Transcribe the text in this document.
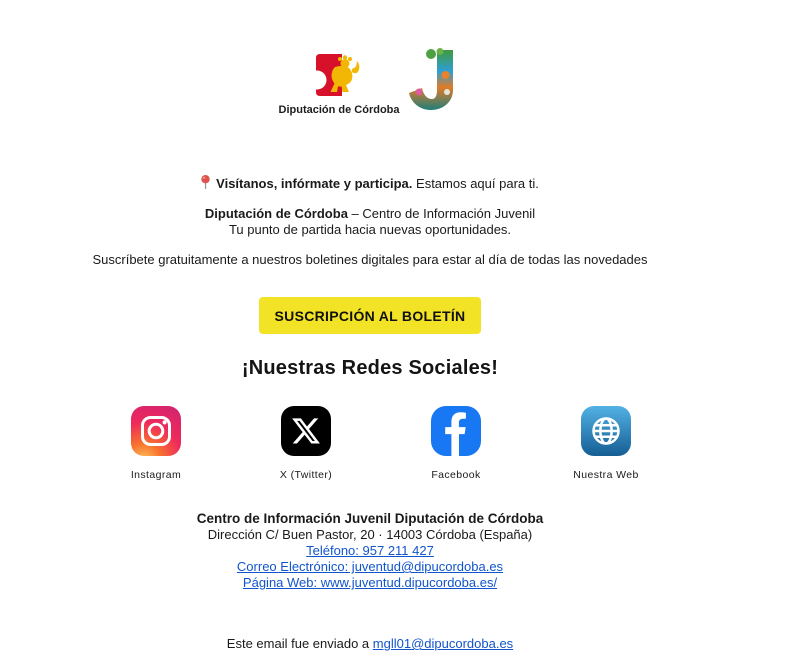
Diputación de Córdoba
Visítanos, infórmate y participa. Estamos aquí para ti.
Diputación de Córdoba – Centro de Información Juvenil
Tu punto de partida hacia nuevas oportunidades.
Suscríbete gratuitamente a nuestros boletines digitales para estar al día de todas las novedades
SUSCRIPCIÓN AL BOLETÍN
¡Nuestras Redes Sociales!
Instagram	X (Twitter)	Facebook	Nuestra Web
Centro de Información Juvenil Diputación de Córdoba
Dirección C/ Buen Pastor, 20 · 14003 Córdoba (España)
Teléfono: 957 211 427
Correo Electrónico: juventud@dipucordoba.es
Página Web: www.juventud.dipucordoba.es/
Este email fue enviado a mgll01@dipucordoba.es
